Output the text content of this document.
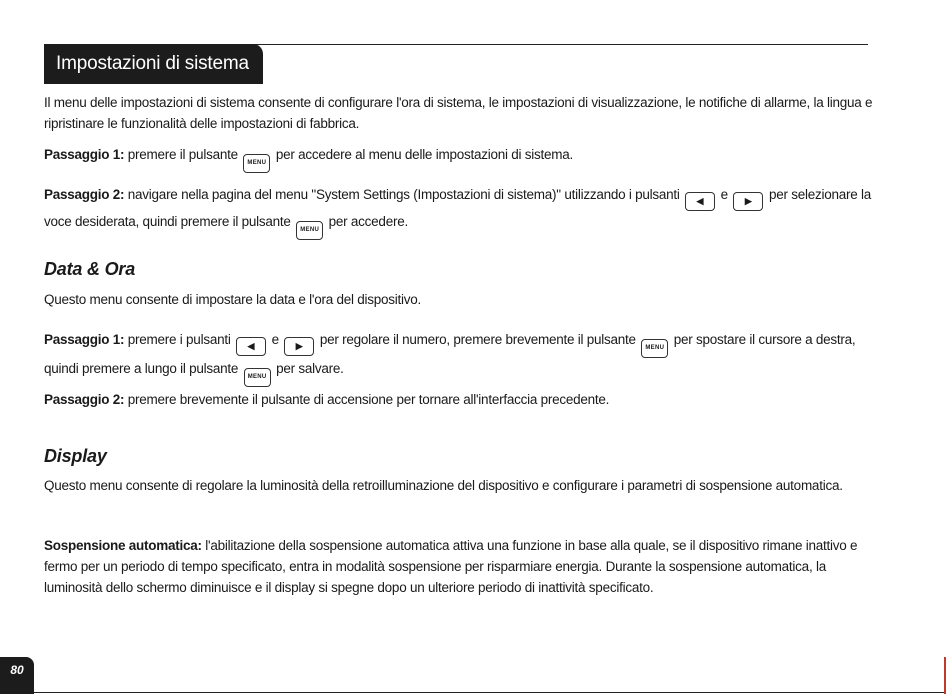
Impostazioni di sistema
Il menu delle impostazioni di sistema consente di configurare l'ora di sistema, le impostazioni di visualizzazione, le notifiche di allarme, la lingua e ripristinare le funzionalità delle impostazioni di fabbrica.
Passaggio 1: premere il pulsante MENU per accedere al menu delle impostazioni di sistema.
Passaggio 2: navigare nella pagina del menu "System Settings (Impostazioni di sistema)" utilizzando i pulsanti ◀ e ▶ per selezionare la voce desiderata, quindi premere il pulsante MENU per accedere.
Data & Ora
Questo menu consente di impostare la data e l'ora del dispositivo.
Passaggio 1: premere i pulsanti ◀ e ▶ per regolare il numero, premere brevemente il pulsante MENU per spostare il cursore a destra, quindi premere a lungo il pulsante MENU per salvare.
Passaggio 2: premere brevemente il pulsante di accensione per tornare all'interfaccia precedente.
Display
Questo menu consente di regolare la luminosità della retroilluminazione del dispositivo e configurare i parametri di sospensione automatica.
Sospensione automatica: l'abilitazione della sospensione automatica attiva una funzione in base alla quale, se il dispositivo rimane inattivo e fermo per un periodo di tempo specificato, entra in modalità sospensione per risparmiare energia. Durante la sospensione automatica, la luminosità dello schermo diminuisce e il display si spegne dopo un ulteriore periodo di inattività specificato.
80
